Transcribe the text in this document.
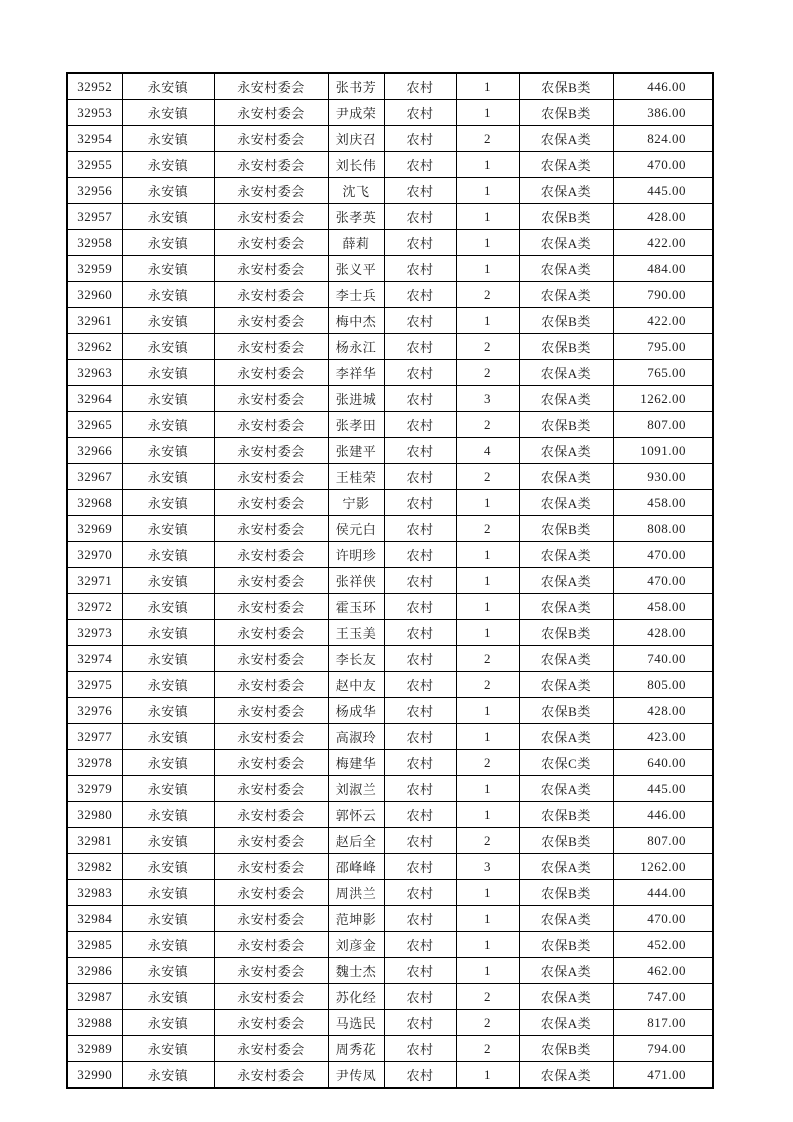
32952	永安镇	永安村委会	张书芳	农村	1	农保B类	446.00
32953	永安镇	永安村委会	尹成荣	农村	1	农保B类	386.00
32954	永安镇	永安村委会	刘庆召	农村	2	农保A类	824.00
32955	永安镇	永安村委会	刘长伟	农村	1	农保A类	470.00
32956	永安镇	永安村委会	沈飞	农村	1	农保A类	445.00
32957	永安镇	永安村委会	张孝英	农村	1	农保B类	428.00
32958	永安镇	永安村委会	薛莉	农村	1	农保A类	422.00
32959	永安镇	永安村委会	张义平	农村	1	农保A类	484.00
32960	永安镇	永安村委会	李士兵	农村	2	农保A类	790.00
32961	永安镇	永安村委会	梅中杰	农村	1	农保B类	422.00
32962	永安镇	永安村委会	杨永江	农村	2	农保B类	795.00
32963	永安镇	永安村委会	李祥华	农村	2	农保A类	765.00
32964	永安镇	永安村委会	张进城	农村	3	农保A类	1262.00
32965	永安镇	永安村委会	张孝田	农村	2	农保B类	807.00
32966	永安镇	永安村委会	张建平	农村	4	农保A类	1091.00
32967	永安镇	永安村委会	王桂荣	农村	2	农保A类	930.00
32968	永安镇	永安村委会	宁影	农村	1	农保A类	458.00
32969	永安镇	永安村委会	侯元白	农村	2	农保B类	808.00
32970	永安镇	永安村委会	许明珍	农村	1	农保A类	470.00
32971	永安镇	永安村委会	张祥侠	农村	1	农保A类	470.00
32972	永安镇	永安村委会	霍玉环	农村	1	农保A类	458.00
32973	永安镇	永安村委会	王玉美	农村	1	农保B类	428.00
32974	永安镇	永安村委会	李长友	农村	2	农保A类	740.00
32975	永安镇	永安村委会	赵中友	农村	2	农保A类	805.00
32976	永安镇	永安村委会	杨成华	农村	1	农保B类	428.00
32977	永安镇	永安村委会	高淑玲	农村	1	农保A类	423.00
32978	永安镇	永安村委会	梅建华	农村	2	农保C类	640.00
32979	永安镇	永安村委会	刘淑兰	农村	1	农保A类	445.00
32980	永安镇	永安村委会	郭怀云	农村	1	农保B类	446.00
32981	永安镇	永安村委会	赵后全	农村	2	农保B类	807.00
32982	永安镇	永安村委会	邵峰峰	农村	3	农保A类	1262.00
32983	永安镇	永安村委会	周洪兰	农村	1	农保B类	444.00
32984	永安镇	永安村委会	范坤影	农村	1	农保A类	470.00
32985	永安镇	永安村委会	刘彦金	农村	1	农保B类	452.00
32986	永安镇	永安村委会	魏士杰	农村	1	农保A类	462.00
32987	永安镇	永安村委会	苏化经	农村	2	农保A类	747.00
32988	永安镇	永安村委会	马选民	农村	2	农保A类	817.00
32989	永安镇	永安村委会	周秀花	农村	2	农保B类	794.00
32990	永安镇	永安村委会	尹传凤	农村	1	农保A类	471.00
